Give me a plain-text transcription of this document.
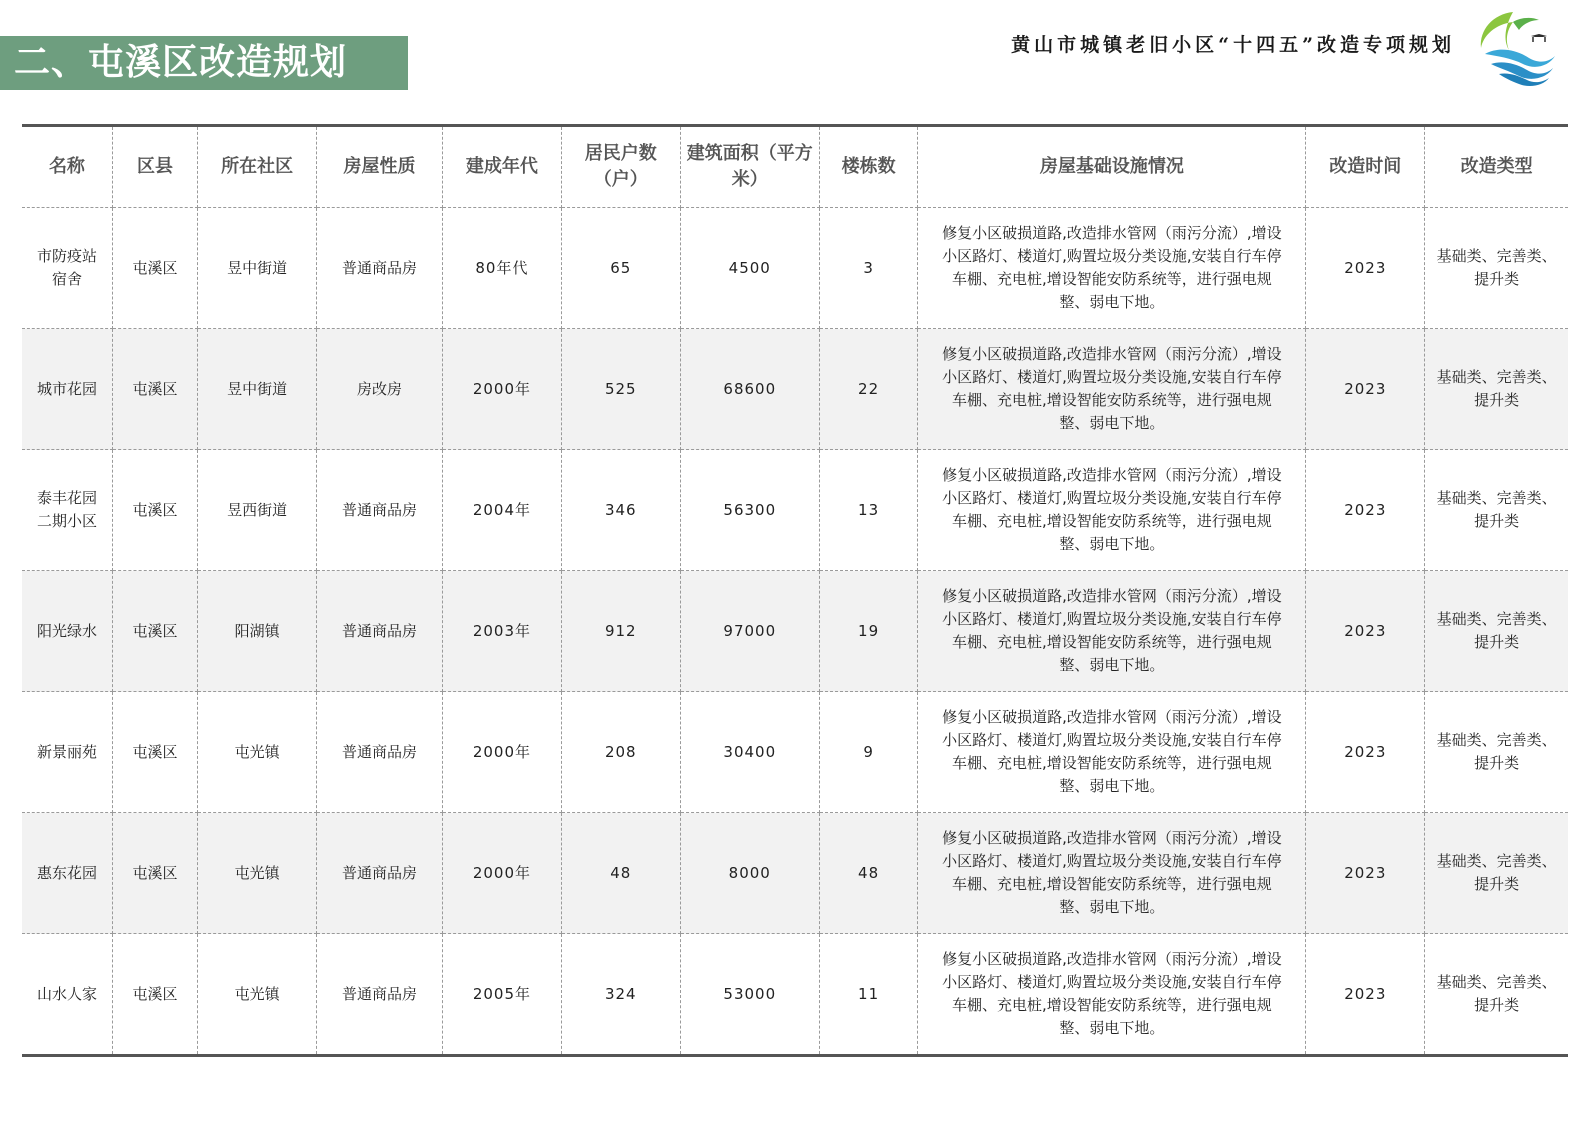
二、屯溪区改造规划	黄山市城镇老旧小区“十四五”改造专项规划
名称	区县	所在社区	房屋性质	建成年代	居民户数（户）	建筑面积（平方米）	楼栋数	房屋基础设施情况	改造时间	改造类型
市防疫站宿舍	屯溪区	昱中街道	普通商品房	80年代	65	4500	3	修复小区破损道路,改造排水管网（雨污分流）,增设小区路灯、楼道灯,购置垃圾分类设施,安装自行车停车棚、充电桩,增设智能安防系统等，进行强电规整、弱电下地。	2023	基础类、完善类、提升类
城市花园	屯溪区	昱中街道	房改房	2000年	525	68600	22	修复小区破损道路,改造排水管网（雨污分流）,增设小区路灯、楼道灯,购置垃圾分类设施,安装自行车停车棚、充电桩,增设智能安防系统等，进行强电规整、弱电下地。	2023	基础类、完善类、提升类
泰丰花园二期小区	屯溪区	昱西街道	普通商品房	2004年	346	56300	13	修复小区破损道路,改造排水管网（雨污分流）,增设小区路灯、楼道灯,购置垃圾分类设施,安装自行车停车棚、充电桩,增设智能安防系统等，进行强电规整、弱电下地。	2023	基础类、完善类、提升类
阳光绿水	屯溪区	阳湖镇	普通商品房	2003年	912	97000	19	修复小区破损道路,改造排水管网（雨污分流）,增设小区路灯、楼道灯,购置垃圾分类设施,安装自行车停车棚、充电桩,增设智能安防系统等，进行强电规整、弱电下地。	2023	基础类、完善类、提升类
新景丽苑	屯溪区	屯光镇	普通商品房	2000年	208	30400	9	修复小区破损道路,改造排水管网（雨污分流）,增设小区路灯、楼道灯,购置垃圾分类设施,安装自行车停车棚、充电桩,增设智能安防系统等，进行强电规整、弱电下地。	2023	基础类、完善类、提升类
惠东花园	屯溪区	屯光镇	普通商品房	2000年	48	8000	48	修复小区破损道路,改造排水管网（雨污分流）,增设小区路灯、楼道灯,购置垃圾分类设施,安装自行车停车棚、充电桩,增设智能安防系统等，进行强电规整、弱电下地。	2023	基础类、完善类、提升类
山水人家	屯溪区	屯光镇	普通商品房	2005年	324	53000	11	修复小区破损道路,改造排水管网（雨污分流）,增设小区路灯、楼道灯,购置垃圾分类设施,安装自行车停车棚、充电桩,增设智能安防系统等，进行强电规整、弱电下地。	2023	基础类、完善类、提升类
